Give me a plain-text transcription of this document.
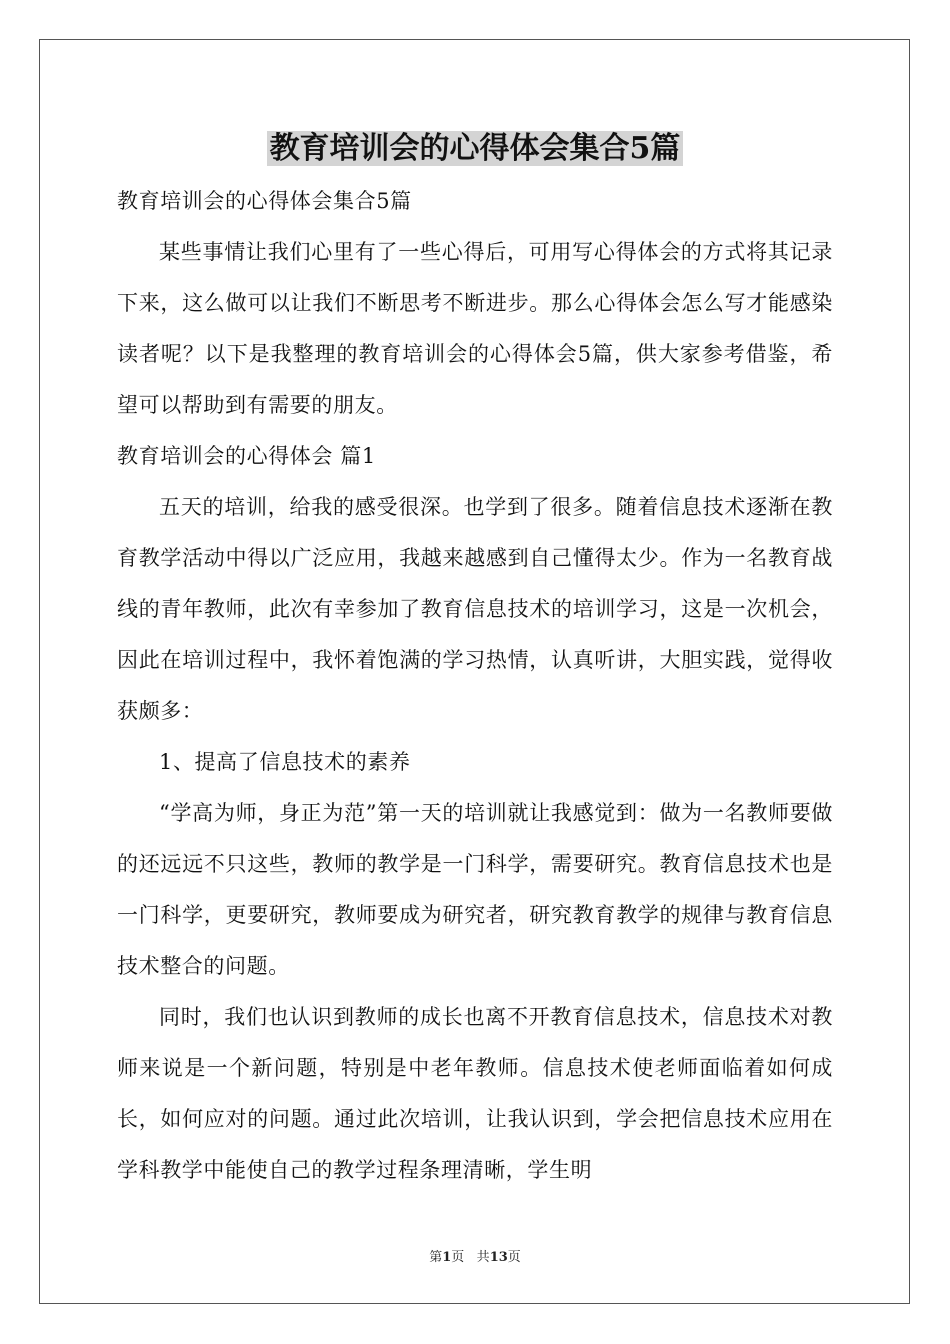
教育培训会的心得体会集合5篇
教育培训会的心得体会集合5篇

某些事情让我们心里有了一些心得后，可用写心得体会的方式将其记录下来，这么做可以让我们不断思考不断进步。那么心得体会怎么写才能感染读者呢？以下是我整理的教育培训会的心得体会5篇，供大家参考借鉴，希望可以帮助到有需要的朋友。

教育培训会的心得体会 篇1

五天的培训，给我的感受很深。也学到了很多。随着信息技术逐渐在教育教学活动中得以广泛应用，我越来越感到自己懂得太少。作为一名教育战线的青年教师，此次有幸参加了教育信息技术的培训学习，这是一次机会，因此在培训过程中，我怀着饱满的学习热情，认真听讲，大胆实践，觉得收获颇多：

1、提高了信息技术的素养

“学高为师，身正为范”第一天的培训就让我感觉到：做为一名教师要做的还远远不只这些，教师的教学是一门科学，需要研究。教育信息技术也是一门科学，更要研究，教师要成为研究者，研究教育教学的规律与教育信息技术整合的问题。

同时，我们也认识到教师的成长也离不开教育信息技术，信息技术对教师来说是一个新问题，特别是中老年教师。信息技术使老师面临着如何成长，如何应对的问题。通过此次培训，让我认识到，学会把信息技术应用在学科教学中能使自己的教学过程条理清晰，学生明

第1页 共13页
